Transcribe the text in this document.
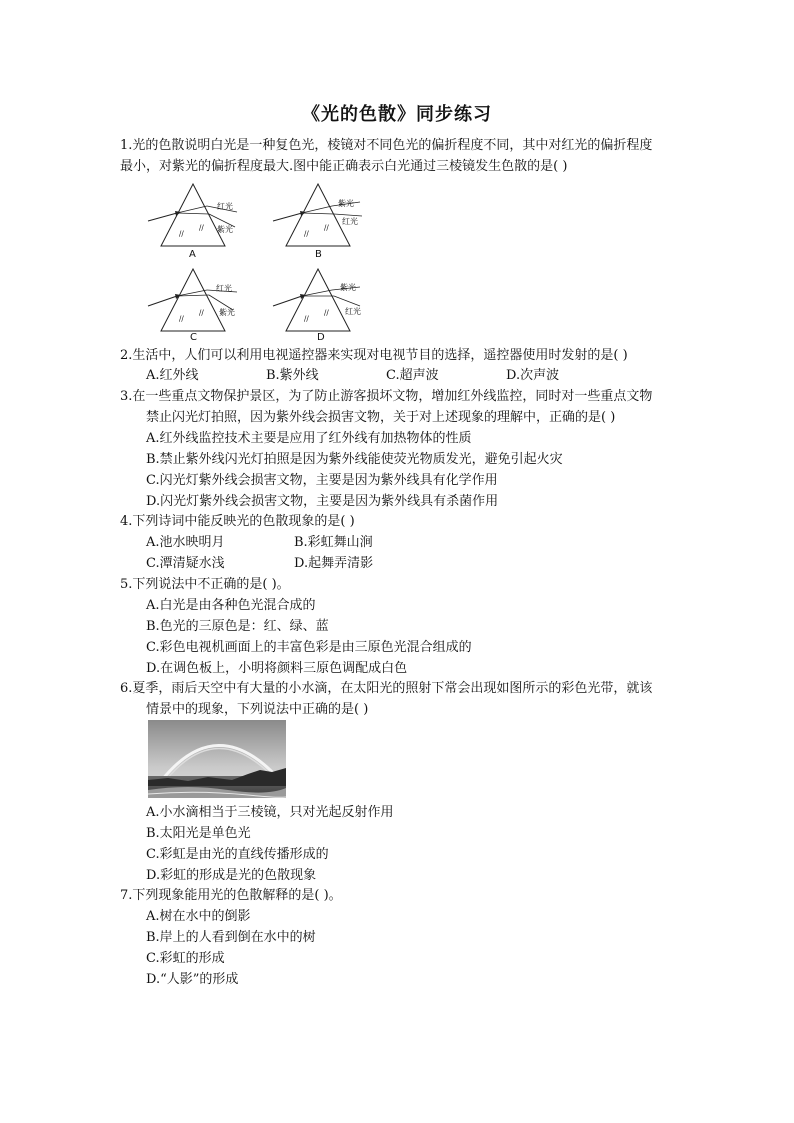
《光的色散》同步练习
1.光的色散说明白光是一种复色光，棱镜对不同色光的偏折程度不同，其中对红光的偏折程度
最小，对紫光的偏折程度最大.图中能正确表示白光通过三棱镜发生色散的是( )
//
//
红光
紫光
A
//
//
紫光
红光
B
//
//
红光
紫光
C
//
//
紫光
红光
D
2.生活中，人们可以利用电视遥控器来实现对电视节目的选择，遥控器使用时发射的是( )
A.红外线	B.紫外线	C.超声波	D.次声波
3.在一些重点文物保护景区，为了防止游客损坏文物，增加红外线监控，同时对一些重点文物
禁止闪光灯拍照，因为紫外线会损害文物，关于对上述现象的理解中，正确的是( )
A.红外线监控技术主要是应用了红外线有加热物体的性质
B.禁止紫外线闪光灯拍照是因为紫外线能使荧光物质发光，避免引起火灾
C.闪光灯紫外线会损害文物，主要是因为紫外线具有化学作用
D.闪光灯紫外线会损害文物，主要是因为紫外线具有杀菌作用
4.下列诗词中能反映光的色散现象的是( )
A.池水映明月	B.彩虹舞山涧
C.潭清疑水浅	D.起舞弄清影
5.下列说法中不正确的是( )。
A.白光是由各种色光混合成的
B.色光的三原色是：红、绿、蓝
C.彩色电视机画面上的丰富色彩是由三原色光混合组成的
D.在调色板上，小明将颜料三原色调配成白色
6.夏季，雨后天空中有大量的小水滴，在太阳光的照射下常会出现如图所示的彩色光带，就该
情景中的现象，下列说法中正确的是( )
A.小水滴相当于三棱镜，只对光起反射作用
B.太阳光是单色光
C.彩虹是由光的直线传播形成的
D.彩虹的形成是光的色散现象
7.下列现象能用光的色散解释的是( )。
A.树在水中的倒影
B.岸上的人看到倒在水中的树
C.彩虹的形成
D.“人影”的形成
